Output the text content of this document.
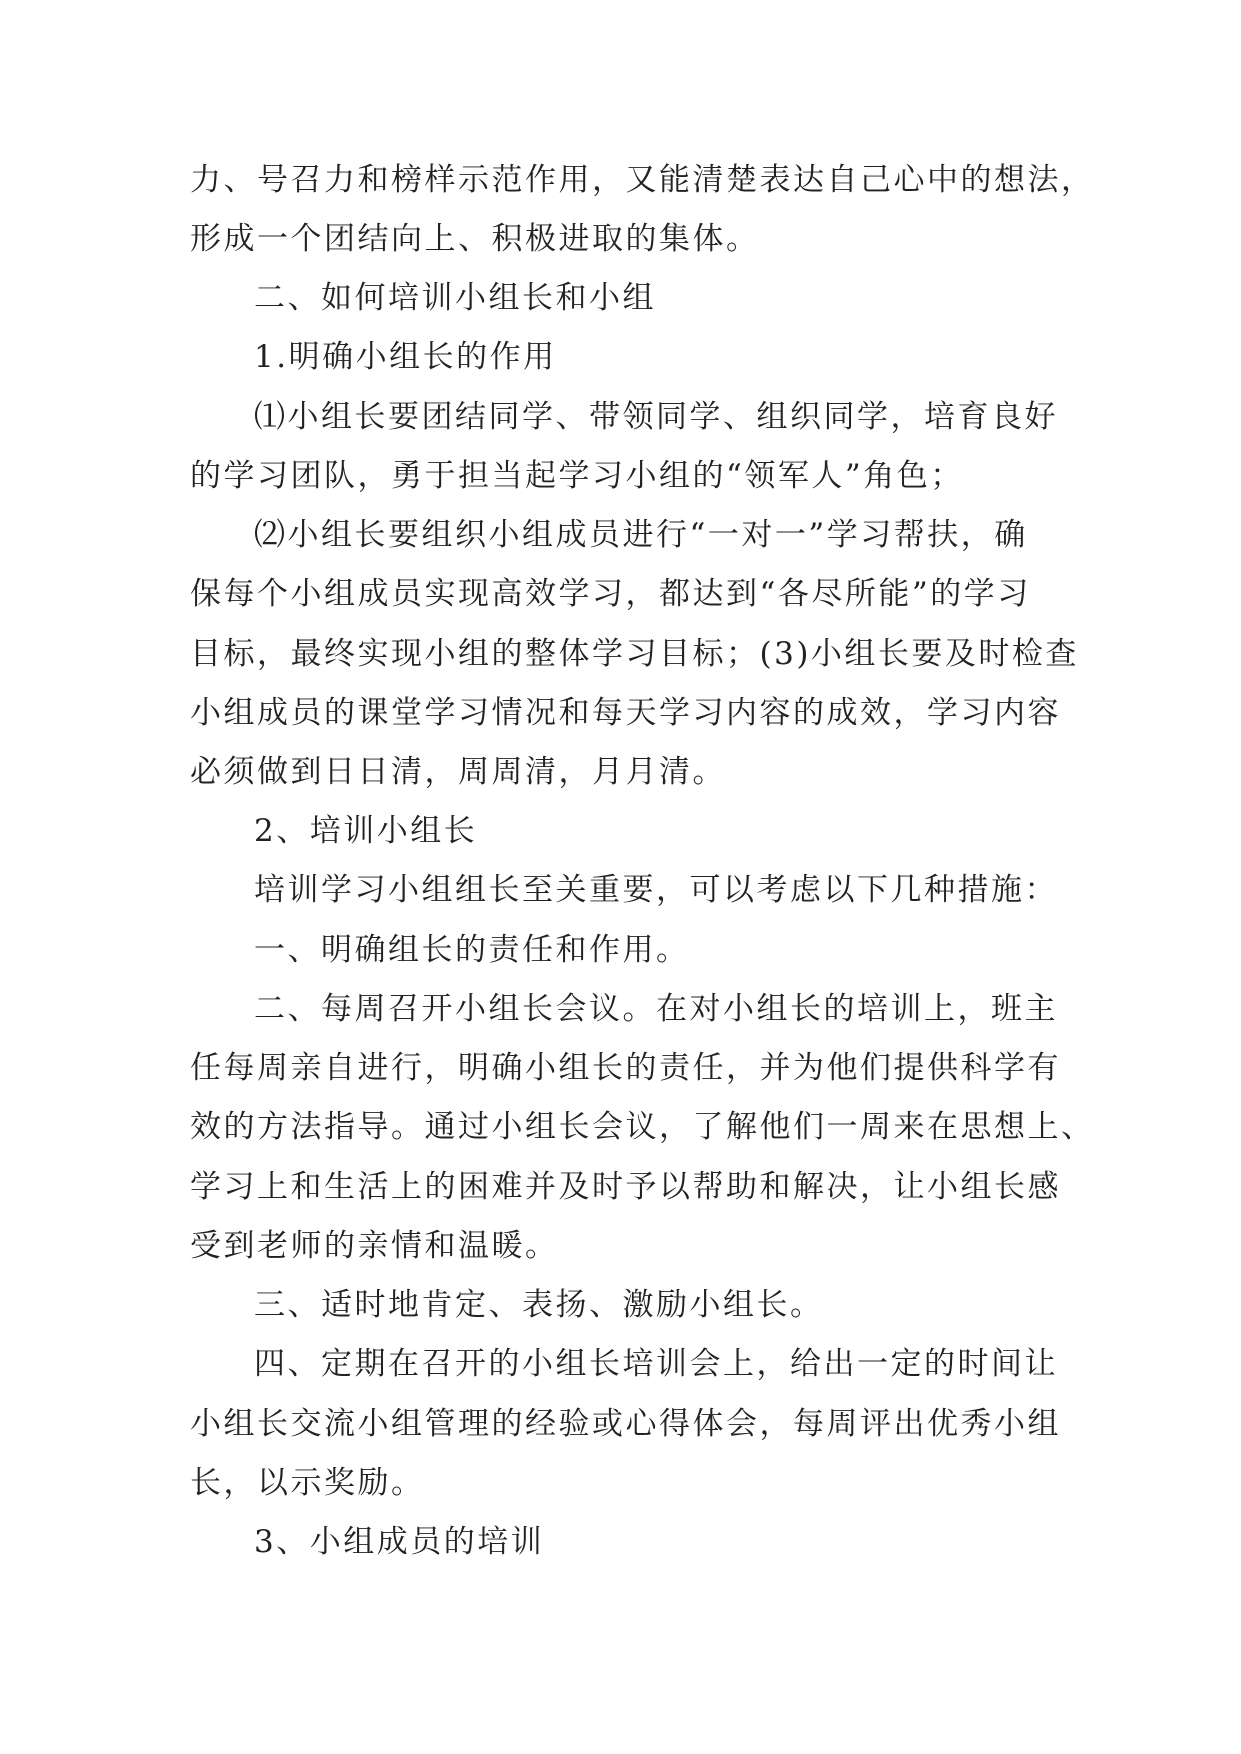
力、号召力和榜样示范作用，又能清楚表达自己心中的想法，
形成一个团结向上、积极进取的集体。
二、如何培训小组长和小组
1.明确小组长的作用
⑴小组长要团结同学、带领同学、组织同学，培育良好
的学习团队，勇于担当起学习小组的“领军人”角色；
⑵小组长要组织小组成员进行“一对一”学习帮扶，确
保每个小组成员实现高效学习，都达到“各尽所能”的学习
目标，最终实现小组的整体学习目标；(3)小组长要及时检查
小组成员的课堂学习情况和每天学习内容的成效，学习内容
必须做到日日清，周周清，月月清。
2、培训小组长
培训学习小组组长至关重要，可以考虑以下几种措施：
一、明确组长的责任和作用。
二、每周召开小组长会议。在对小组长的培训上，班主
任每周亲自进行，明确小组长的责任，并为他们提供科学有
效的方法指导。通过小组长会议，了解他们一周来在思想上、
学习上和生活上的困难并及时予以帮助和解决，让小组长感
受到老师的亲情和温暖。
三、适时地肯定、表扬、激励小组长。
四、定期在召开的小组长培训会上，给出一定的时间让
小组长交流小组管理的经验或心得体会，每周评出优秀小组
长，以示奖励。
3、小组成员的培训
